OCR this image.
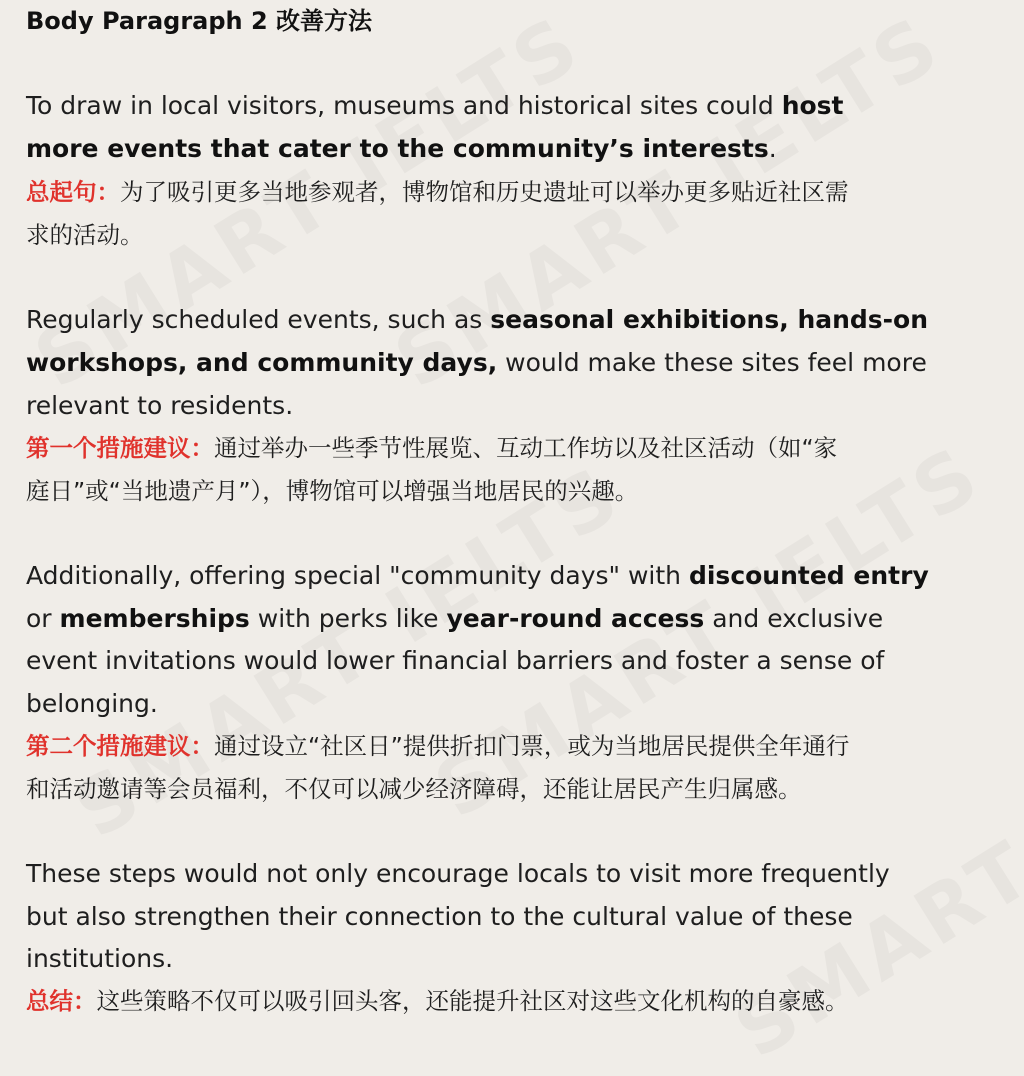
Body Paragraph 2 改善方法
To draw in local visitors, museums and historical sites could host
more events that cater to the community’s interests.
总起句：为了吸引更多当地参观者，博物馆和历史遗址可以举办更多贴近社区需
求的活动。
Regularly scheduled events, such as seasonal exhibitions, hands-on
workshops, and community days, would make these sites feel more
relevant to residents.
第一个措施建议：通过举办一些季节性展览、互动工作坊以及社区活动（如“家
庭日”或“当地遗产月”），博物馆可以增强当地居民的兴趣。
Additionally, offering special "community days" with discounted entry
or memberships with perks like year-round access and exclusive
event invitations would lower financial barriers and foster a sense of
belonging.
第二个措施建议：通过设立“社区日”提供折扣门票，或为当地居民提供全年通行
和活动邀请等会员福利，不仅可以减少经济障碍，还能让居民产生归属感。
These steps would not only encourage locals to visit more frequently
but also strengthen their connection to the cultural value of these
institutions.
总结：这些策略不仅可以吸引回头客，还能提升社区对这些文化机构的自豪感。
